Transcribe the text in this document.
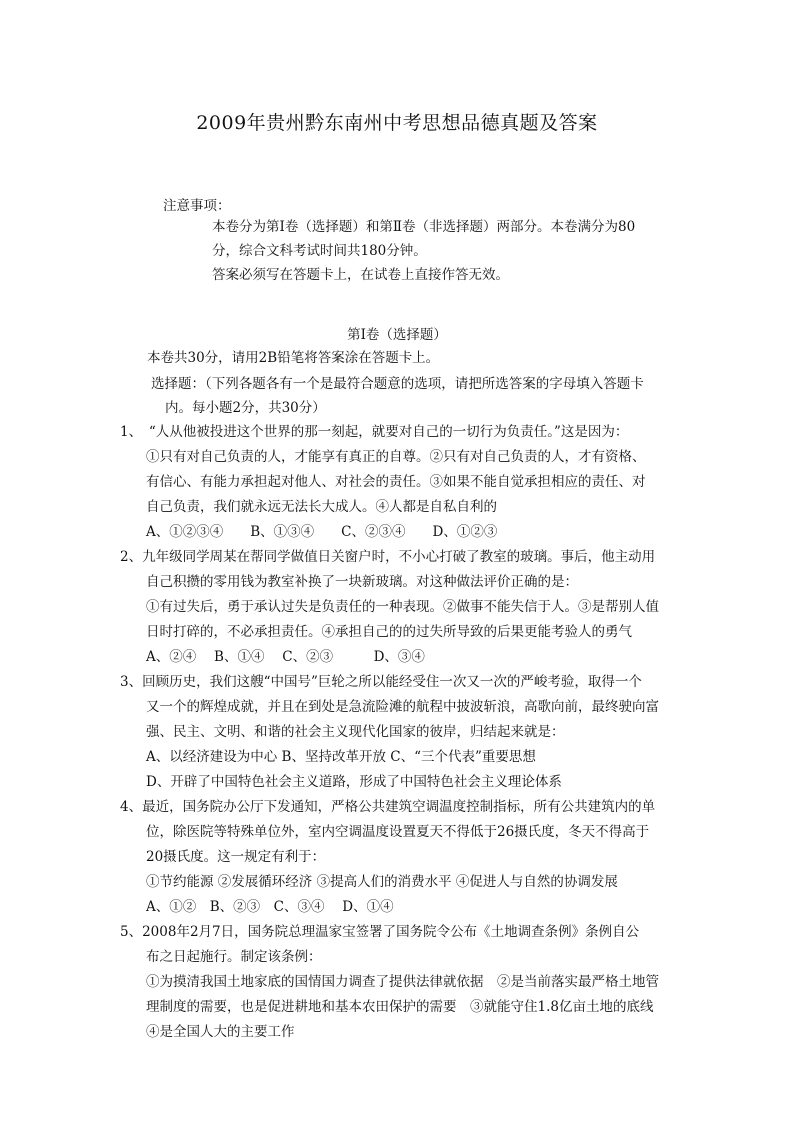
2009年贵州黔东南州中考思想品德真题及答案
注意事项：

本卷分为第Ⅰ卷（选择题）和第Ⅱ卷（非选择题）两部分。本卷满分为80

分，综合文科考试时间共180分钟。

答案必须写在答题卡上，在试卷上直接作答无效。

第Ⅰ卷（选择题）
本卷共30分，请用2B铅笔将答案涂在答题卡上。
选择题：（下列各题各有一个是最符合题意的选项，请把所选答案的字母填入答题卡
内。每小题2分，共30分）
1、　“人从他被投进这个世界的那一刻起，就要对自己的一切行为负责任。”这是因为：
①只有对自己负责的人，才能享有真正的自尊。②只有对自己负责的人，才有资格、
有信心、有能力承担起对他人、对社会的责任。③如果不能自觉承担相应的责任、对
自己负责，我们就永远无法长大成人。④人都是自私自利的
A、①②③④　　B、①③④　　C、②③④　　D、①②③
2、九年级同学周某在帮同学做值日关窗户时，不小心打破了教室的玻璃。事后，他主动用
自己积攒的零用钱为教室补换了一块新玻璃。对这种做法评价正确的是：
①有过失后，勇于承认过失是负责任的一种表现。②做事不能失信于人。③是帮别人值
日时打碎的，不必承担责任。④承担自己的的过失所导致的后果更能考验人的勇气
A、②④　 B、①④　 C、②③　　　D、③④
3、回顾历史，我们这艘“中国号”巨轮之所以能经受住一次又一次的严峻考验，取得一个
又一个的辉煌成就，并且在到处是急流险滩的航程中披波斩浪，高歌向前，最终驶向富
强、民主、文明、和谐的社会主义现代化国家的彼岸，归结起来就是：
A、以经济建设为中心 B、坚持改革开放 C、“三个代表”重要思想
D、开辟了中国特色社会主义道路，形成了中国特色社会主义理论体系
4、最近，国务院办公厅下发通知，严格公共建筑空调温度控制指标，所有公共建筑内的单
位，除医院等特殊单位外，室内空调温度设置夏天不得低于26摄氏度，冬天不得高于
20摄氏度。这一规定有利于：
①节约能源 ②发展循环经济 ③提高人们的消费水平 ④促进人与自然的协调发展
A、①②　B、②③　C、③④　 D、①④
5、2008年2月7日，国务院总理温家宝签署了国务院令公布《土地调查条例》条例自公
布之日起施行。制定该条例：
①为摸清我国土地家底的国情国力调查了提供法律就依据　②是当前落实最严格土地管
理制度的需要，也是促进耕地和基本农田保护的需要　③就能守住1.8亿亩土地的底线
④是全国人大的主要工作
